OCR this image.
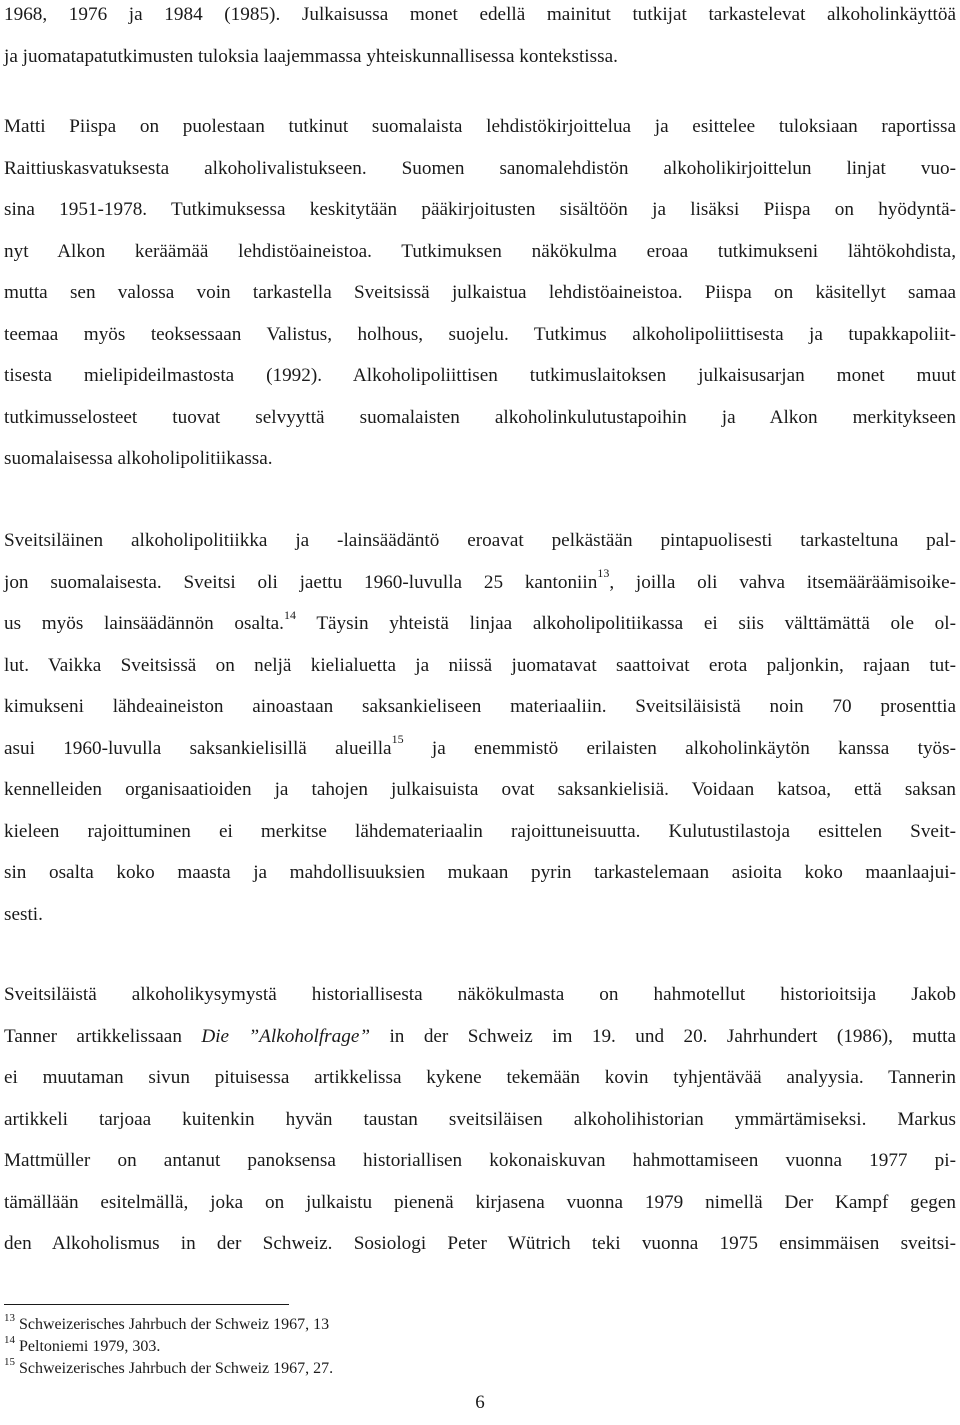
1968, 1976 ja 1984 (1985). Julkaisussa monet edellä mainitut tutkijat tarkastelevat alkoholinkäyttöä
ja juomatapatutkimusten tuloksia laajemmassa yhteiskunnallisessa kontekstissa.
Matti Piispa on puolestaan tutkinut suomalaista lehdistökirjoittelua ja esittelee tuloksiaan raportissa
Raittiuskasvatuksesta alkoholivalistukseen. Suomen sanomalehdistön alkoholikirjoittelun linjat vuo-
sina 1951-1978. Tutkimuksessa keskitytään pääkirjoitusten sisältöön ja lisäksi Piispa on hyödyntä-
nyt Alkon keräämää lehdistöaineistoa. Tutkimuksen näkökulma eroaa tutkimukseni lähtökohdista,
mutta sen valossa voin tarkastella Sveitsissä julkaistua lehdistöaineistoa. Piispa on käsitellyt samaa
teemaa myös teoksessaan Valistus, holhous, suojelu. Tutkimus alkoholipoliittisesta ja tupakkapoliit-
tisesta mielipideilmastosta (1992). Alkoholipoliittisen tutkimuslaitoksen julkaisusarjan monet muut
tutkimusselosteet tuovat selvyyttä suomalaisten alkoholinkulutustapoihin ja Alkon merkitykseen
suomalaisessa alkoholipolitiikassa.
Sveitsiläinen alkoholipolitiikka ja -lainsäädäntö eroavat pelkästään pintapuolisesti tarkasteltuna pal-
jon suomalaisesta. Sveitsi oli jaettu 1960-luvulla 25 kantoniin$^{13}$, joilla oli vahva itsemääräämisoike-
us myös lainsäädännön osalta.$^{14}$ Täysin yhteistä linjaa alkoholipolitiikassa ei siis välttämättä ole ol-
lut. Vaikka Sveitsissä on neljä kielialuetta ja niissä juomatavat saattoivat erota paljonkin, rajaan tut-
kimukseni lähdeaineiston ainoastaan saksankieliseen materiaaliin. Sveitsiläisistä noin 70 prosenttia
asui 1960-luvulla saksankielisillä alueilla$^{15}$ ja enemmistö erilaisten alkoholinkäytön kanssa työs-
kennelleiden organisaatioiden ja tahojen julkaisuista ovat saksankielisiä. Voidaan katsoa, että saksan
kieleen rajoittuminen ei merkitse lähdemateriaalin rajoittuneisuutta. Kulutustilastoja esittelen Sveit-
sin osalta koko maasta ja mahdollisuuksien mukaan pyrin tarkastelemaan asioita koko maanlaajui-
sesti.
Sveitsiläistä alkoholikysymystä historiallisesta näkökulmasta on hahmotellut historioitsija Jakob
Tanner artikkelissaan Die ”Alkoholfrage” in der Schweiz im 19. und 20. Jahrhundert (1986), mutta
ei muutaman sivun pituisessa artikkelissa kykene tekemään kovin tyhjentävää analyysia. Tannerin
artikkeli tarjoaa kuitenkin hyvän taustan sveitsiläisen alkoholihistorian ymmärtämiseksi. Markus
Mattmüller on antanut panoksensa historiallisen kokonaiskuvan hahmottamiseen vuonna 1977 pi-
tämällään esitelmällä, joka on julkaistu pienenä kirjasena vuonna 1979 nimellä Der Kampf gegen
den Alkoholismus in der Schweiz. Sosiologi Peter Wütrich teki vuonna 1975 ensimmäisen sveitsi-
$^{13}$ Schweizerisches Jahrbuch der Schweiz 1967, 13
$^{14}$ Peltoniemi 1979, 303.
$^{15}$ Schweizerisches Jahrbuch der Schweiz 1967, 27.
6
